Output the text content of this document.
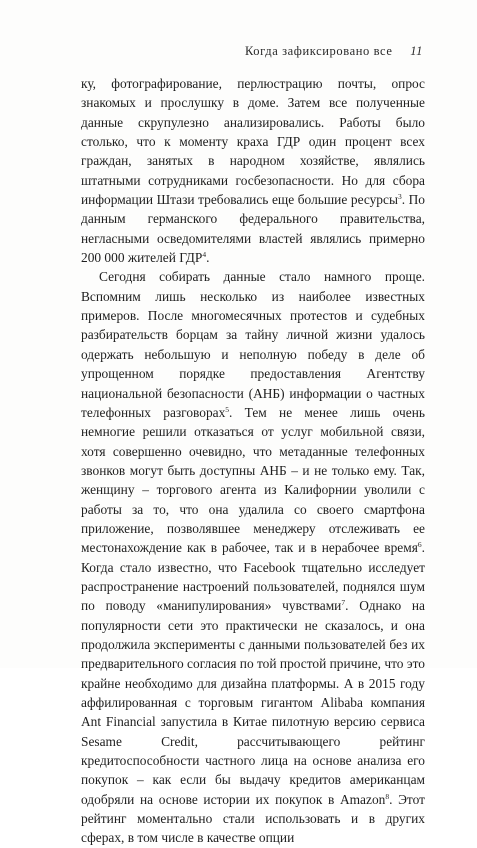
Когда зафиксировано все 11

ку, фотографирование, перлюстрацию почты, опрос знакомых и прослушку в доме. Затем все полученные данные скрупулезно анализировались. Работы было столько, что к моменту краха ГДР один процент всех граждан, занятых в народном хозяйстве, являлись штатными сотрудниками госбезопасности. Но для сбора информации Штази требовались еще большие ресурсы$^3$. По данным германского федерального правительства, негласными осведомителями властей являлись примерно 200 000 жителей ГДР$^4$.

Сегодня собирать данные стало намного проще. Вспомним лишь несколько из наиболее известных примеров. После многомесячных протестов и судебных разбирательств борцам за тайну личной жизни удалось одержать небольшую и неполную победу в деле об упрощенном порядке предоставления Агентству национальной безопасности (АНБ) информации о частных телефонных разговорах$^5$. Тем не менее лишь очень немногие решили отказаться от услуг мобильной связи, хотя совершенно очевидно, что метаданные телефонных звонков могут быть доступны АНБ – и не только ему. Так, женщину – торгового агента из Калифорнии уволили с работы за то, что она удалила со своего смартфона приложение, позволявшее менеджеру отслеживать ее местонахождение как в рабочее, так и в нерабочее время$^6$. Когда стало известно, что Facebook тщательно исследует распространение настроений пользователей, поднялся шум по поводу «манипулирования» чувствами$^7$. Однако на популярности сети это практически не сказалось, и она продолжила эксперименты с данными пользователей без их предварительного согласия по той простой причине, что это крайне необходимо для дизайна платформы. А в 2015 году аффилированная с торговым гигантом Alibaba компания Ant Financial запустила в Китае пилотную версию сервиса Sesame Credit, рассчитывающего рейтинг кредитоспособности частного лица на основе анализа его покупок – как если бы выдачу кредитов американцам одобряли на основе истории их покупок в Amazon$^8$. Этот рейтинг моментально стали использовать и в других сферах, в том числе в качестве опции
